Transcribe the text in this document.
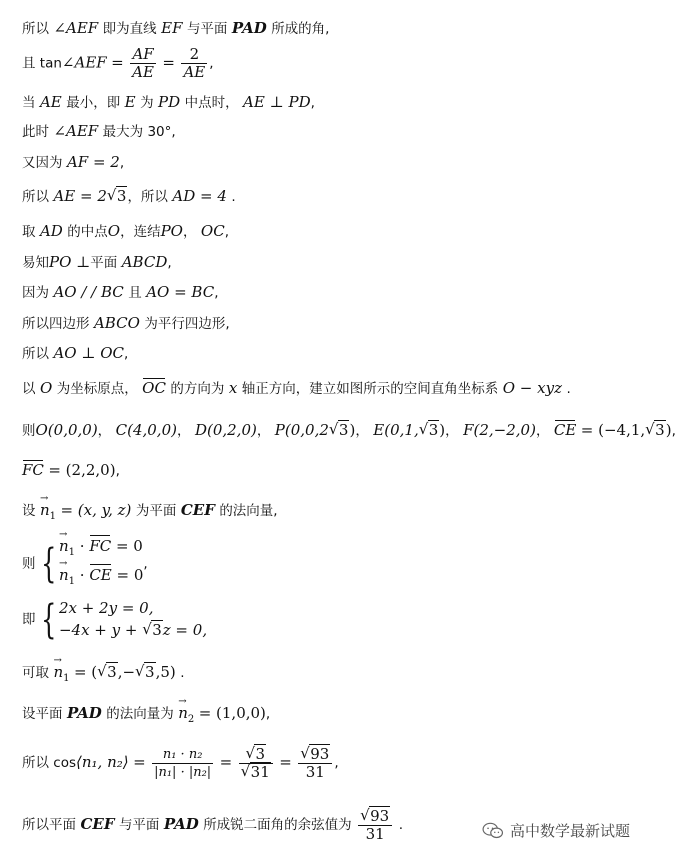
所以 ∠AEF 即为直线 EF 与平面 PAD 所成的角,
且 tan∠AEF = $\frac{AF}{AE} = \frac{2}{AE}$ ,
当 AE 最小，即 E 为 PD 中点时， AE ⊥ PD,
此时 ∠AEF 最大为 30°,
又因为 AF = 2,
所以 AE = 2 √ 3，所以 AD = 4 .
取 AD 的中点O，连结PO， OC,
易知PO ⊥平面 ABCD,
因为 AO / / BC 且 AO = BC,
所以四边形 ABCO 为平行四边形,
所以 AO ⊥ OC,
以 O 为坐标原点， OC 的方向为 x 轴正方向，建立如图所示的空间直角坐标系 O − xyz .
则O(0,0,0)， C(4,0,0)， D(0,2,0)， P(0,0,2 √ 3)， E(0,1, √ 3)， F(2,−2,0)， CE = (−4,1, √ 3),
FC = (2,2,0),
设 $n \to_1 = (x$, y, z) 为平面 CEF 的法向量,
则 { $n \to_1$ · FC = 0
$n \to_1$ · CE = 0
,
即 { 2x + 2y = 0,
−4x + y + √ 3z = 0,
可取 $n \to_1$ = ( √ 3,− √ 3,5) .
设平面 PAD 的法向量为 $n \to_2 = (1,0,0)$,
所以 cos⟨n₁, n₂⟩ = $\frac{\text{n₁ · n₂}}{\text{|n₁| · |n₂|}}$ = √ 3
√ 31 = √ $\frac{93}{31}$ ,
所以平面 CEF 与平面 PAD 所成锐二面角的余弦值为 √ $\frac{93}{31}$ .	高中数学最新试题
